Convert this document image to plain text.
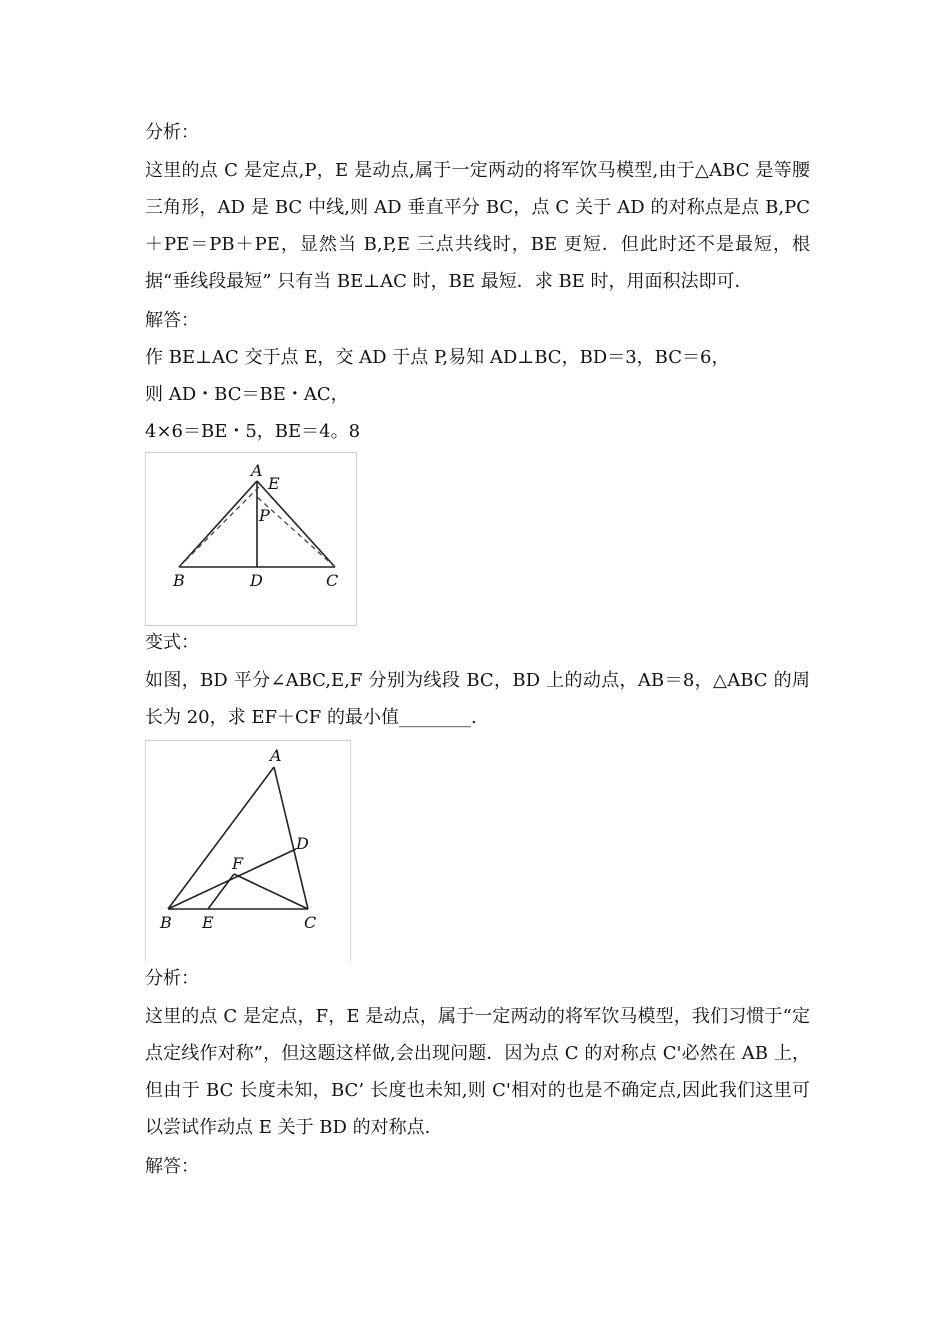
分析：
这里的点 C 是定点,P，E 是动点,属于一定两动的将军饮马模型,由于△ABC 是等腰三角形，AD 是 BC 中线,则 AD 垂直平分 BC，点 C 关于 AD 的对称点是点 B,PC＋PE＝PB＋PE，显然当 B,P,E 三点共线时，BE 更短．但此时还不是最短，根据“垂线段最短” 只有当 BE⊥AC 时，BE 最短．求 BE 时，用面积法即可．
解答：
作 BE⊥AC 交于点 E，交 AD 于点 P,易知 AD⊥BC，BD＝3，BC＝6，
则 AD・BC＝BE・AC，
4×6＝BE・5，BE＝4。8
A
E
P
B	D	C
变式：
如图，BD 平分∠ABC,E,F 分别为线段 BC，BD 上的动点，AB＝8，△ABC 的周长为 20，求 EF＋CF 的最小值________.
A
D
F
B E	C
分析：
这里的点 C 是定点，F，E 是动点，属于一定两动的将军饮马模型，我们习惯于“定点定线作对称”，但这题这样做,会出现问题．因为点 C 的对称点 C'必然在 AB 上，但由于 BC 长度未知，BC’ 长度也未知,则 C'相对的也是不确定点,因此我们这里可以尝试作动点 E 关于 BD 的对称点.
解答：
